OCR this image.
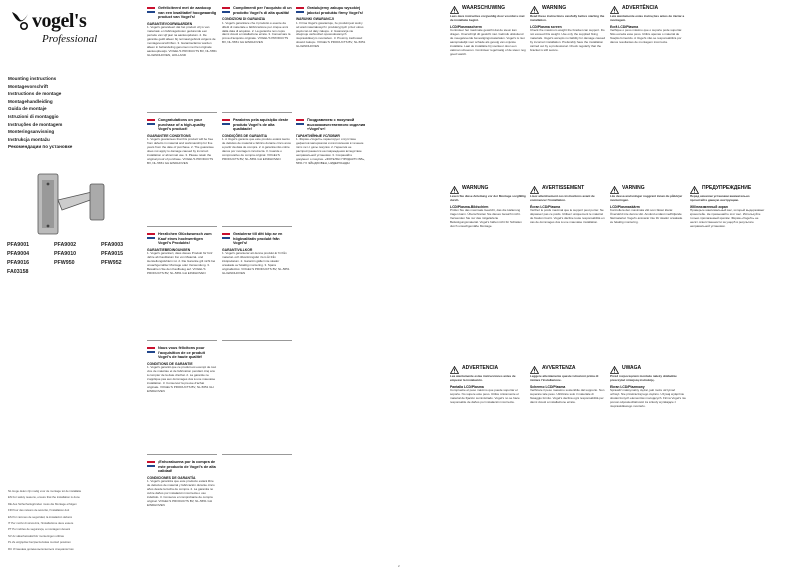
vogel's
Professional
Mounting instructions
Montagevorschrift
Instructions de montage
Montagehandleiding
Guida de montaje
Istruzioni di montaggio
Instruções de montagem
Monteringsanvisning
Instrukcja montażu
Рекомендации по установке
PFA9001	PFA9002	PFA9003
PFA9004	PFA9010	PFA9015
PFA9016	PFW950	PFW952
FA03158
NL Hoge delen zijn nodig voor de montage tot de installatie
EN For safety reasons, ensure that the installation is done
DE Aus Sicherheitsgründen muss die Montage erfolgen
FR Pour des raisons de sécurité, l'installation doit
ES Por razones de seguridad, la instalación deberá
IT Per motivi di sicurezza, l'installazione deve essere
PT Por razões de segurança, a montagem deverá
SV Av säkerhetsskäl bör monteringen utföras
PL Ze względów bezpieczeństwa montaż powinien
RU Установка должна выполняться специалистом
Gefeliciteerd met de aankoop van een kwalitatief hoogwaardig product van Vogel's!
GARANTIEVOORWAARDEN
1. Vogel's garandeert dat het product vrij is van materiaal- en fabricagefouten gedurende een periode van vijf jaar na aankoopdatum. 2. De garantie geldt alleen bij normaal gebruik volgens de montagevoorschriften. 3. Garantieclaims worden alleen in behandeling genomen met het originele aankoopbewijs. VOGEL'S PRODUCTS BV, NL-5651 GH EINDHOVEN, HOLLAND
Congratulations on your purchase of a high-quality Vogel's product!
GUARANTEE CONDITIONS
1. Vogel's guarantees that this product will be free from defects in material and workmanship for five years from the date of purchase. 2. The guarantee does not apply to damage caused by incorrect installation or abnormal use. 3. Please retain the original proof of purchase. VOGEL'S PRODUCTS BV, NL-5651 GH EINDHOVEN
Herzlichen Glückwunsch zum Kauf eines hochwertigen Vogel's Produkts!
GARANTIEBEDINGUNGEN
1. Vogel's garantiert, dass dieses Produkt für fünf Jahre ab Kaufdatum frei von Material- und Herstellungsfehlern ist. 2. Die Garantie gilt nicht bei unsachgemäßer Montage oder Verwendung. 3. Bewahren Sie den Kaufbeleg auf. VOGEL'S PRODUCTS BV, NL-5651 GH EINDHOVEN
Nous vous félicitons pour l'acquisition de ce produit Vogel's de haute qualité!
CONDITIONS DE GARANTIE
1. Vogel's garantit que ce produit est exempt de tout vice de matériau et de fabrication pendant cinq ans à compter de la date d'achat. 2. La garantie ne s'applique pas aux dommages dus à une mauvaise installation. 3. Conservez la preuve d'achat originale. VOGEL'S PRODUCTS BV, NL-5651 GH EINDHOVEN
¡Enhorabuena por la compra de este producto de Vogel's de alta calidad!
CONDICIONES DE GARANTÍA
1. Vogel's garantiza que este producto estará libre de defectos de material y fabricación durante cinco años desde la fecha de compra. 2. La garantía no cubre daños por instalación incorrecta o uso indebido. 3. Conserve el comprobante de compra original. VOGEL'S PRODUCTS BV, NL-5651 GH EINDHOVEN
Complimenti per l'acquisto di un prodotto Vogel's di alta qualità!
CONDIZIONI DI GARANZIA
1. Vogel's garantisce che il prodotto è esente da difetti di materiale e fabbricazione per cinque anni dalla data di acquisto. 2. La garanzia non copre danni dovuti a installazione errata. 3. Conservare la prova d'acquisto originale. VOGEL'S PRODUCTS BV, NL-5651 GH EINDHOVEN
Parabéns pela aquisição deste produto Vogel's de alta qualidade!
CONDIÇÕES DE GARANTIA
1. A Vogel's garante que este produto estará isento de defeitos de material e fabrico durante cinco anos a partir da data de compra. 2. A garantia não cobre danos por montagem incorrecta. 3. Guarde o comprovativo de compra original. VOGEL'S PRODUCTS BV, NL-5651 GH EINDHOVEN
Gratulerar till ditt köp av en högkvalitativ produkt från Vogel's!
GARANTIVILLKOR
1. Vogel's garanterar att denna produkt är fri från material- och tillverkningsfel i fem år från inköpsdatum. 2. Garantin gäller inte skador orsakade av felaktig montering. 3. Spara originalkvittot. VOGEL'S PRODUCTS BV, NL-5651 GH EINDHOVEN
Gratulujemy zakupu wysokiej jakości produktu firmy Vogel's!
WARUNKI GWARANCJI
1. Firma Vogel's gwarantuje, że produkt jest wolny od wad materiałowych i produkcyjnych przez okres pięciu lat od daty zakupu. 2. Gwarancja nie obejmuje uszkodzeń spowodowanych nieprawidłowym montażem. 3. Prosimy zachować dowód zakupu. VOGEL'S PRODUCTS BV, NL-5651 GH EINDHOVEN
Поздравляем с покупкой высококачественного изделия «Vogel's»!
ГАРАНТИЙНЫЕ УСЛОВИЯ
1. Фирма «Vogel's» гарантирует отсутствие дефектов материалов и изготовления в течение пяти лет с даты покупки. 2. Гарантия не распространяется на повреждения вследствие неправильной установки. 3. Сохраняйте документ о покупке. «ФОГЕЛЬС ПРОДАКТС БВ», 5651 ГХ ЭЙНДХОВЕН, НИДЕРЛАНДЫ
WAARSCHUWING
Lees deze instructies zorgvuldig door voordat u met de installatie begint.
LCD/Plasmascherm
Controleer het maximale gewicht dat de steun kan dragen. Overschrijd dit gewicht niet. Gebruik uitsluitend de meegeleverde bevestigingsmaterialen. Vogel's is niet aansprakelijk voor schade als gevolg van onjuiste installatie. Laat de installatie bij voorkeur door een vakman uitvoeren. Controleer regelmatig of de steun nog goed vastzit.
WARNING
Read these instructions carefully before starting the installation.
LCD/Plasma screen
Check the maximum weight the bracket can support. Do not exceed this weight. Use only the supplied fixing materials. Vogel's accepts no liability for damage caused by incorrect installation. Preferably have the installation carried out by a professional. Check regularly that the bracket is still secure.
WARNUNG
Lesen Sie diese Anleitung vor der Montage sorgfältig durch.
LCD/Plasma-Bildschirm
Prüfen Sie das maximale Gewicht, das die Halterung tragen kann. Überschreiten Sie dieses Gewicht nicht. Verwenden Sie nur das mitgelieferte Befestigungsmaterial. Vogel's haftet nicht für Schäden durch unsachgemäße Montage.
AVERTISSEMENT
Lisez attentivement ces instructions avant de commencer l'installation.
Écran LCD/Plasma
Vérifiez le poids maximal que le support peut porter. Ne dépassez pas ce poids. Utilisez uniquement le matériel de fixation fourni. Vogel's décline toute responsabilité en cas de dommages dus à une mauvaise installation.
ADVERTENCIA
Lea atentamente estas instrucciones antes de empezar la instalación.
Pantalla LCD/Plasma
Compruebe el peso máximo que puede soportar el soporte. No supere este peso. Utilice únicamente el material de fijación suministrado. Vogel's no se hace responsable de daños por instalación incorrecta.
AVVERTENZA
Leggere attentamente queste istruzioni prima di iniziare l'installazione.
Schermo LCD/Plasma
Verificare il peso massimo sostenibile dal supporto. Non superare tale peso. Utilizzare solo il materiale di fissaggio fornito. Vogel's declina ogni responsabilità per danni dovuti a installazione errata.
ADVERTÊNCIA
Leia atentamente estas instruções antes de iniciar a montagem.
Ecrã LCD/Plasma
Verifique o peso máximo que o suporte pode suportar. Não exceda esse peso. Utilize apenas o material de fixação fornecido. A Vogel's não se responsabiliza por danos resultantes de montagem incorrecta.
VARNING
Läs dessa anvisningar noggrant innan du påbörjar monteringen.
LCD/Plasmaskärm
Kontrollera den maximala vikt som fästet klarar. Överskrid inte denna vikt. Använd endast medföljande fästmaterial. Vogel's ansvarar inte för skador orsakade av felaktig montering.
UWAGA
Przed rozpoczęciem montażu należy dokładnie przeczytać niniejszą instrukcję.
Ekran LCD/Plazmowy
Sprawdź maksymalny ciężar, jaki może utrzymać uchwyt. Nie przekraczaj tego ciężaru. Używaj wyłącznie dostarczonych elementów mocujących. Firma Vogel's nie ponosi odpowiedzialności za szkody wynikające z nieprawidłowego montażu.
ПРЕДУПРЕЖДЕНИЕ
Перед началом установки внимательно прочитайте данную инструкцию.
ЖК/плазменный экран
Проверьте максимальный вес, который выдерживает кронштейн. Не превышайте этот вес. Используйте только прилагаемый крепёж. Фирма «Vogel's» не несёт ответственности за ущерб в результате неправильной установки.
2
